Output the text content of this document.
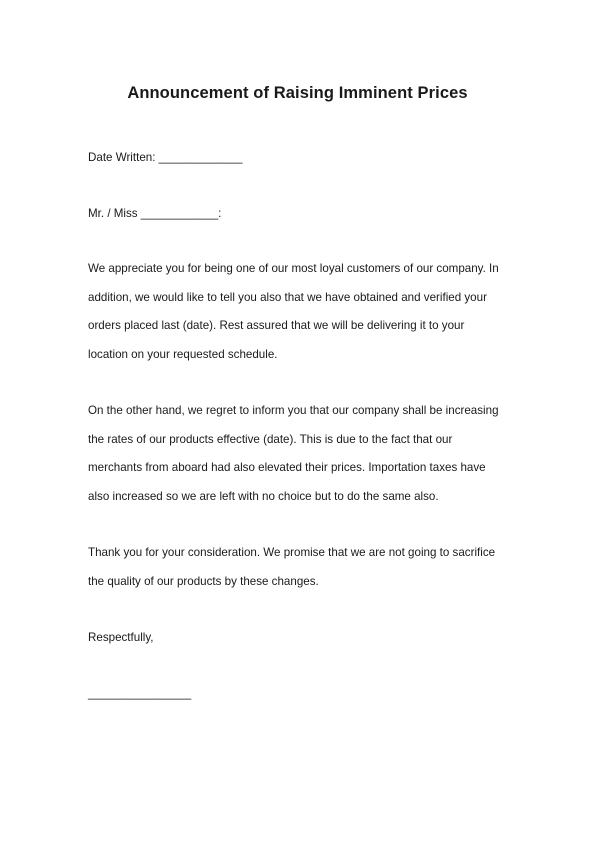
Announcement of Raising Imminent Prices
Date Written: _____________
Mr. / Miss ____________:
We appreciate you for being one of our most loyal customers of our company. In
addition, we would like to tell you also that we have obtained and verified your
orders placed last (date). Rest assured that we will be delivering it to your
location on your requested schedule.
On the other hand, we regret to inform you that our company shall be increasing
the rates of our products effective (date). This is due to the fact that our
merchants from aboard had also elevated their prices. Importation taxes have
also increased so we are left with no choice but to do the same also.
Thank you for your consideration. We promise that we are not going to sacrifice
the quality of our products by these changes.
Respectfully,
________________
